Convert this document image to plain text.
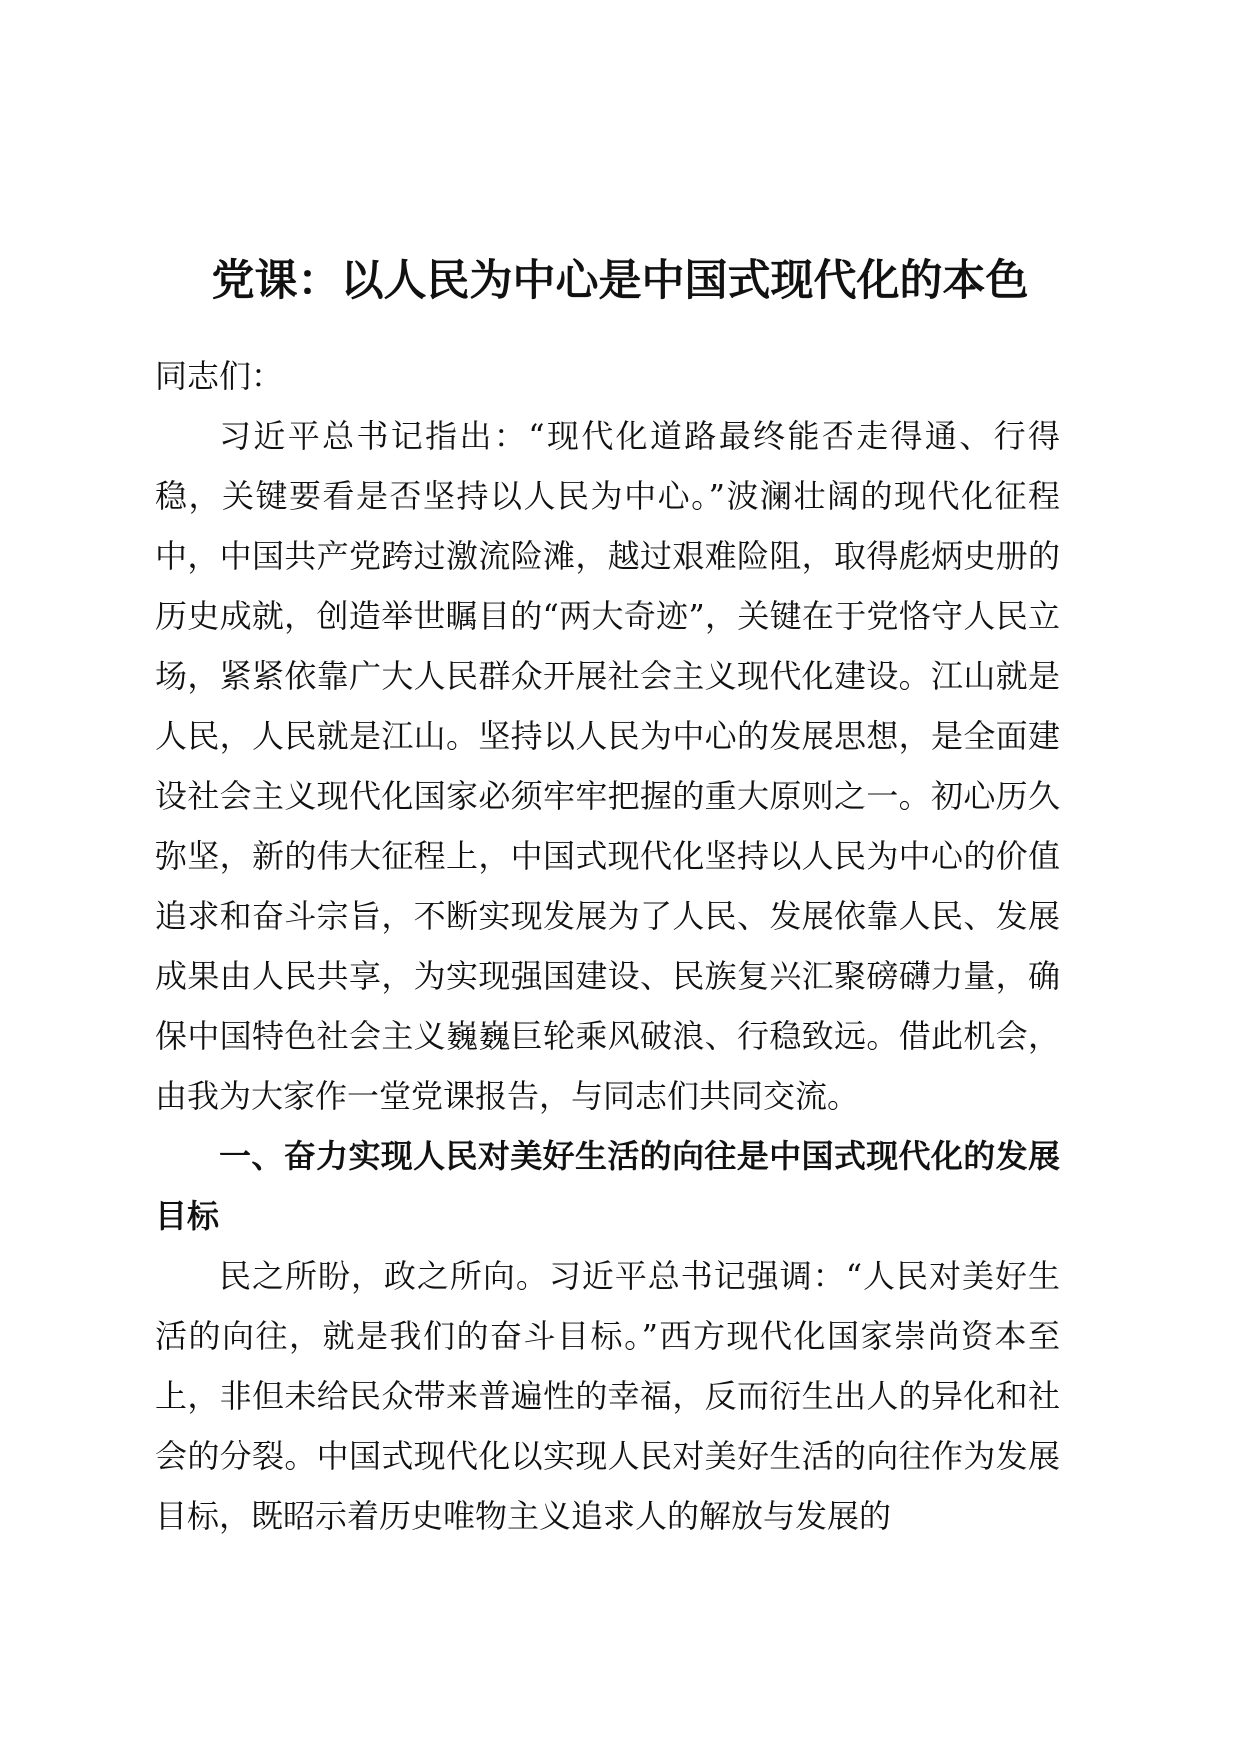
党课：以人民为中心是中国式现代化的本色

同志们：

习近平总书记指出：“现代化道路最终能否走得通、行得稳，关键要看是否坚持以人民为中心。”波澜壮阔的现代化征程中，中国共产党跨过激流险滩，越过艰难险阻，取得彪炳史册的历史成就，创造举世瞩目的“两大奇迹”，关键在于党恪守人民立场，紧紧依靠广大人民群众开展社会主义现代化建设。江山就是人民，人民就是江山。坚持以人民为中心的发展思想，是全面建设社会主义现代化国家必须牢牢把握的重大原则之一。初心历久弥坚，新的伟大征程上，中国式现代化坚持以人民为中心的价值追求和奋斗宗旨，不断实现发展为了人民、发展依靠人民、发展成果由人民共享，为实现强国建设、民族复兴汇聚磅礴力量，确保中国特色社会主义巍巍巨轮乘风破浪、行稳致远。借此机会，由我为大家作一堂党课报告，与同志们共同交流。

一、奋力实现人民对美好生活的向往是中国式现代化的发展目标

民之所盼，政之所向。习近平总书记强调：“人民对美好生活的向往，就是我们的奋斗目标。”西方现代化国家崇尚资本至上，非但未给民众带来普遍性的幸福，反而衍生出人的异化和社会的分裂。中国式现代化以实现人民对美好生活的向往作为发展目标，既昭示着历史唯物主义追求人的解放与发展的
